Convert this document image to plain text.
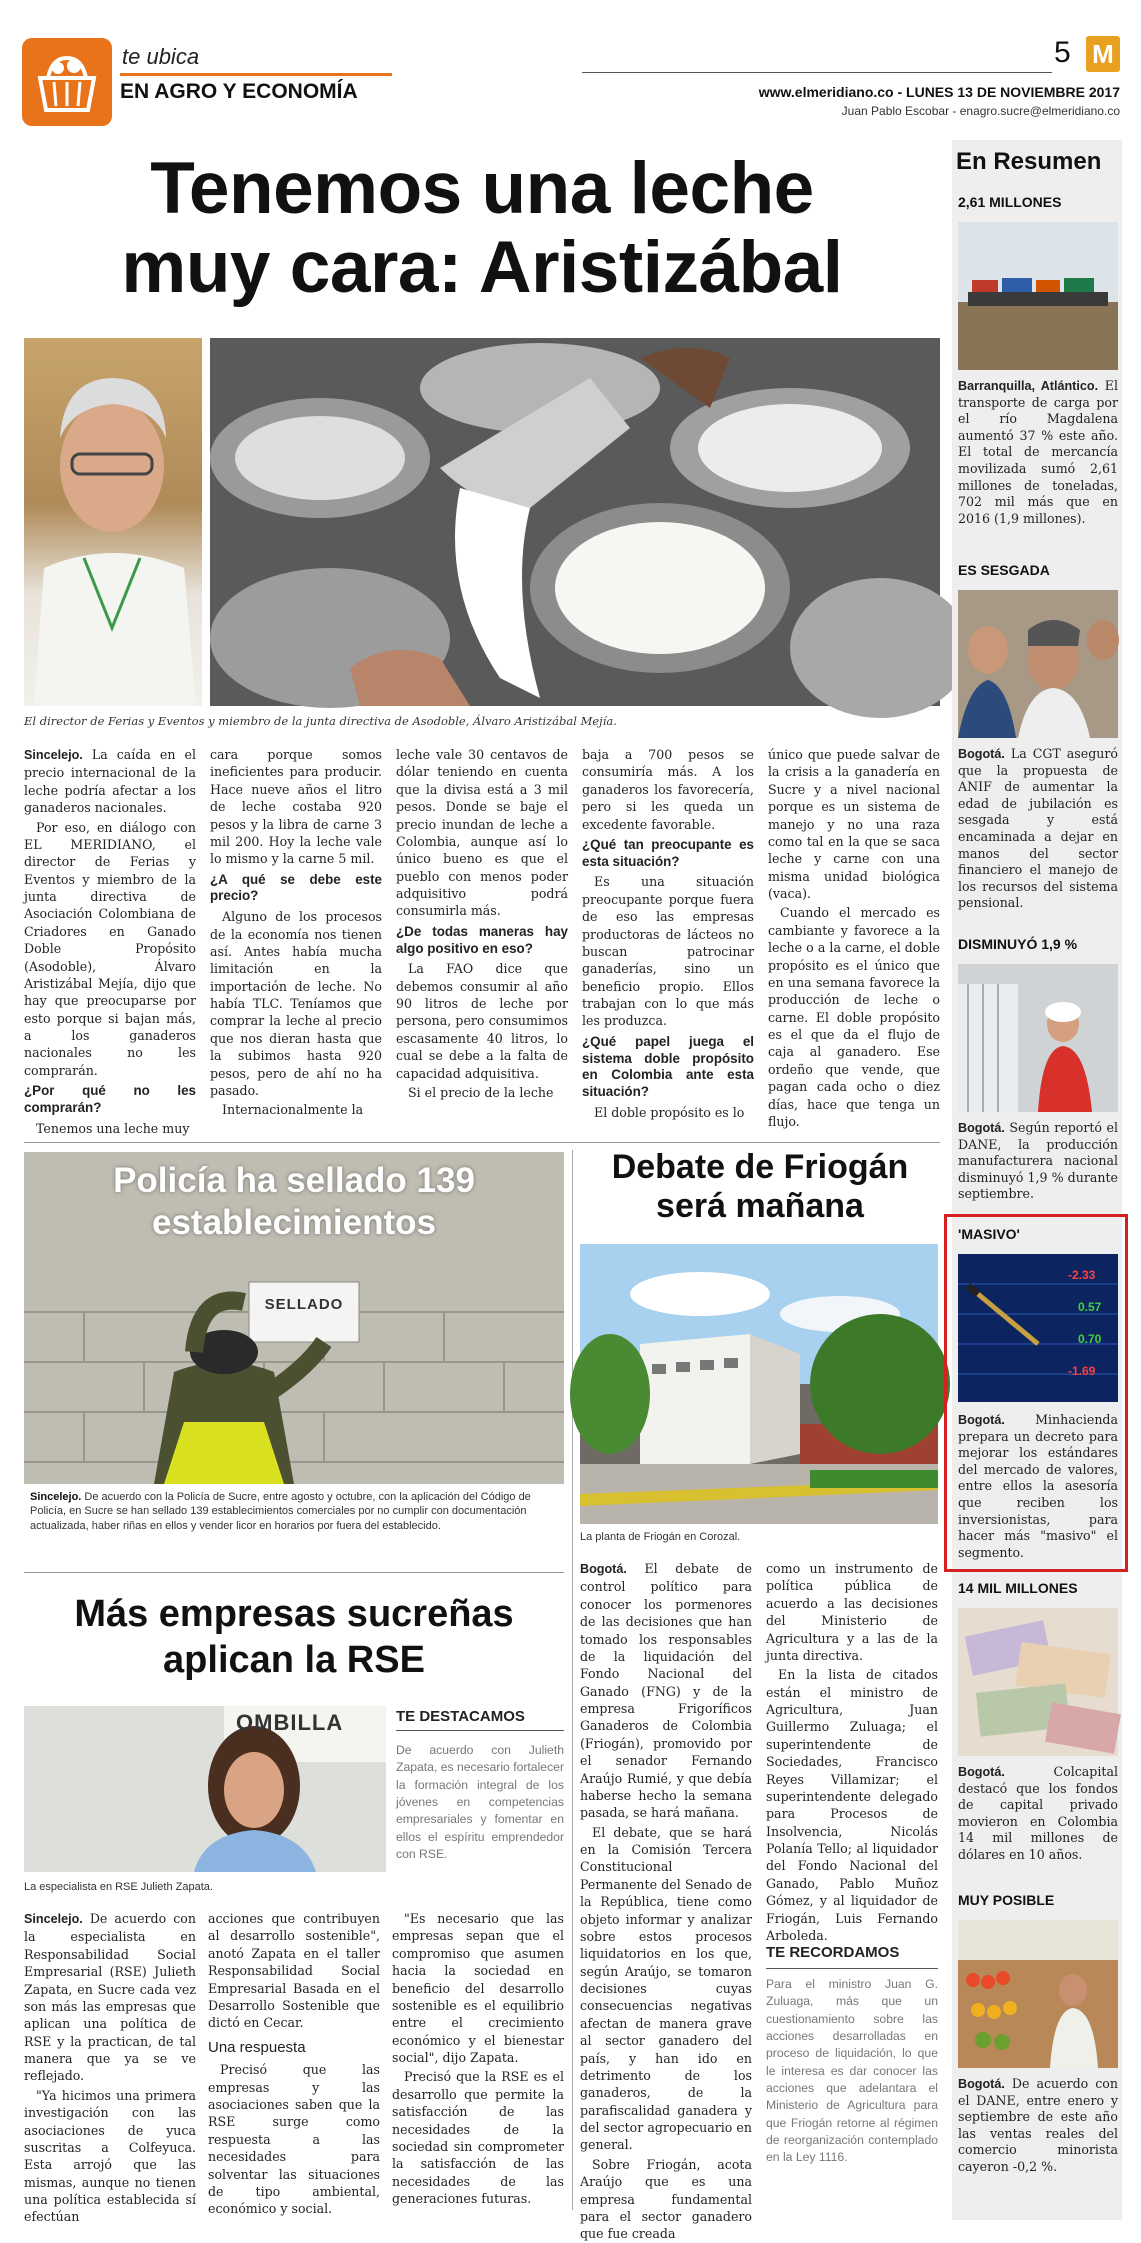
te ubica
EN AGRO Y ECONOMÍA
5 M
www.elmeridiano.co - LUNES 13 DE NOVIEMBRE 2017
Juan Pablo Escobar - enagro.sucre@elmeridiano.co
Tenemos una leche
muy cara: Aristizábal
El director de Ferias y Eventos y miembro de la junta directiva de Asodoble, Álvaro Aristizábal Mejía.

Sincelejo. La caída en el precio internacional de la leche podría afectar a los ganaderos nacionales.

Por eso, en diálogo con EL MERIDIANO, el director de Ferias y Eventos y miembro de la junta directiva de Asociación Colombiana de Criadores en Ganado Doble Propósito (Asodoble), Álvaro Aristizábal Mejía, dijo que hay que preocuparse por esto porque si bajan más, a los ganaderos nacionales no les comprarán.

¿Por qué no les comprarán?

Tenemos una leche muy

cara porque somos ineficientes para producir. Hace nueve años el litro de leche costaba 920 pesos y la libra de carne 3 mil 200. Hoy la leche vale lo mismo y la carne 5 mil.

¿A qué se debe este precio?

Alguno de los procesos de la economía nos tienen así. Antes había mucha limitación en la importación de leche. No había TLC. Teníamos que comprar la leche al precio que nos dieran hasta que la subimos hasta 920 pesos, pero de ahí no ha pasado.

Internacionalmente la

leche vale 30 centavos de dólar teniendo en cuenta que la divisa está a 3 mil pesos. Donde se baje el precio inundan de leche a Colombia, aunque así lo único bueno es que el pueblo con menos poder adquisitivo podrá consumirla más.

¿De todas maneras hay algo positivo en eso?

La FAO dice que debemos consumir al año 90 litros de leche por persona, pero consumimos escasamente 40 litros, lo cual se debe a la falta de capacidad adquisitiva.

Si el precio de la leche

baja a 700 pesos se consumiría más. A los ganaderos los favorecería, pero si les queda un excedente favorable.

¿Qué tan preocupante es esta situación?

Es una situación preocupante porque fuera de eso las empresas productoras de lácteos no buscan patrocinar ganaderías, sino un beneficio propio. Ellos trabajan con lo que más les produzca.

¿Qué papel juega el sistema doble propósito en Colombia ante esta situación?

El doble propósito es lo

único que puede salvar de la crisis a la ganadería en Sucre y a nivel nacional porque es un sistema de manejo y no una raza como tal en la que se saca leche y carne con una misma unidad biológica (vaca).

Cuando el mercado es cambiante y favorece a la leche o a la carne, el doble propósito es el único que en una semana favorece la producción de leche o carne. El doble propósito es el que da el flujo de caja al ganadero. Ese ordeño que vende, que pagan cada ocho o diez días, hace que tenga un flujo.

SELLADO
Policía ha sellado 139 establecimientos
Sincelejo. De acuerdo con la Policía de Sucre, entre agosto y octubre, con la aplicación del Código de Policía, en Sucre se han sellado 139 establecimientos comerciales por no cumplir con documentación actualizada, haber riñas en ellos y vender licor en horarios por fuera del establecido.
Debate de Friogán
será mañana
La planta de Friogán en Corozal.

Bogotá. El debate de control político para conocer los pormenores de las decisiones que han tomado los responsables de la liquidación del Fondo Nacional del Ganado (FNG) y de la empresa Frigoríficos Ganaderos de Colombia (Friogán), promovido por el senador Fernando Araújo Rumié, y que debía haberse hecho la semana pasada, se hará mañana.

El debate, que se hará en la Comisión Tercera Constitucional Permanente del Senado de la República, tiene como objeto informar y analizar sobre estos procesos liquidatorios en los que, según Araújo, se tomaron decisiones cuyas consecuencias negativas afectan de manera grave al sector ganadero del país, y han ido en detrimento de los ganaderos, de la parafiscalidad ganadera y del sector agropecuario en general.

Sobre Friogán, acota Araújo que es una empresa fundamental para el sector ganadero que fue creada

como un instrumento de política pública de acuerdo a las decisiones del Ministerio de Agricultura y a las de la junta directiva.

En la lista de citados están el ministro de Agricultura, Juan Guillermo Zuluaga; el superintendente de Sociedades, Francisco Reyes Villamizar; el superintendente delegado para Procesos de Insolvencia, Nicolás Polanía Tello; al liquidador del Fondo Nacional del Ganado, Pablo Muñoz Gómez, y al liquidador de Friogán, Luis Fernando Arboleda.

TE RECORDAMOS
Para el ministro Juan G. Zuluaga, más que un cuestionamiento sobre las acciones desarrolladas en proceso de liquidación, lo que le interesa es dar conocer las acciones que adelantara el Ministerio de Agricultura para que Friogán retorne al régimen de reorganización contemplado en la Ley 1116.
Más empresas sucreñas
aplican la RSE
OMBILLA
La especialista en RSE Julieth Zapata.
TE DESTACAMOS
De acuerdo con Julieth Zapata, es necesario fortalecer la formación integral de los jóvenes en competencias empresariales y fomentar en ellos el espíritu emprendedor con RSE.

Sincelejo. De acuerdo con la especialista en Responsabilidad Social Empresarial (RSE) Julieth Zapata, en Sucre cada vez son más las empresas que aplican una política de RSE y la practican, de tal manera que ya se ve reflejado.

"Ya hicimos una primera investigación con las asociaciones de yuca suscritas a Colfeyuca. Esta arrojó que las mismas, aunque no tienen una política establecida sí efectúan

acciones que contribuyen al desarrollo sostenible", anotó Zapata en el taller Responsabilidad Social Empresarial Basada en el Desarrollo Sostenible que dictó en Cecar.

Una respuesta

Precisó que las empresas y las asociaciones saben que la RSE surge como respuesta a las necesidades para solventar las situaciones de tipo ambiental, económico y social.

"Es necesario que las empresas sepan que el compromiso que asumen hacia la sociedad en beneficio del desarrollo sostenible es el equilibrio entre el crecimiento económico y el bienestar social", dijo Zapata.

Precisó que la RSE es el desarrollo que permite la satisfacción de las necesidades de la sociedad sin comprometer la satisfacción de las necesidades de las generaciones futuras.

En Resumen
2,61 MILLONES
Barranquilla, Atlántico. El transporte de carga por el río Magdalena aumentó 37 % este año. El total de mercancía movilizada sumó 2,61 millones de toneladas, 702 mil más que en 2016 (1,9 millones).
ES SESGADA
Bogotá. La CGT aseguró que la propuesta de ANIF de aumentar la edad de jubilación es sesgada y está encaminada a dejar en manos del sector financiero el manejo de los recursos del sistema pensional.
DISMINUYÓ 1,9 %
Bogotá. Según reportó el DANE, la producción manufacturera nacional disminuyó 1,9 % durante septiembre.
'MASIVO'
-2.33
0.57
0.70
-1.69
Bogotá. Minhacienda prepara un decreto para mejorar los estándares del mercado de valores, entre ellos la asesoría que reciben los inversionistas, para hacer más "masivo" el segmento.
14 MIL MILLONES
Bogotá. Colcapital destacó que los fondos de capital privado movieron en Colombia 14 mil millones de dólares en 10 años.
MUY POSIBLE
Bogotá. De acuerdo con el DANE, entre enero y septiembre de este año las ventas reales del comercio minorista cayeron -0,2 %.
